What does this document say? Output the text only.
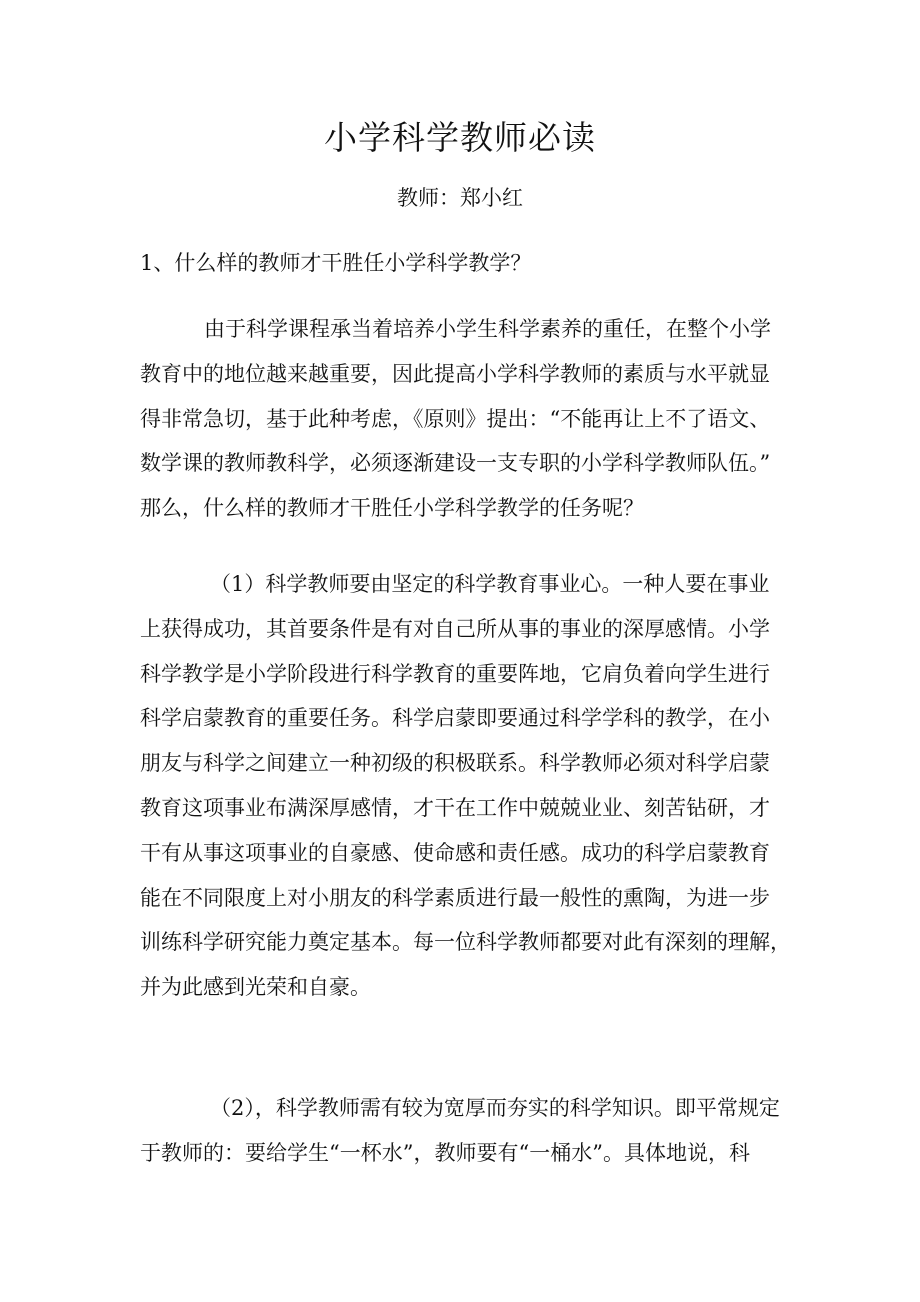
小学科学教师必读
教师：郑小红
1、什么样的教师才干胜任小学科学教学？
由于科学课程承当着培养小学生科学素养的重任，在整个小学
教育中的地位越来越重要，因此提高小学科学教师的素质与水平就显
得非常急切，基于此种考虑，《原则》提出：“不能再让上不了语文、
数学课的教师教科学，必须逐渐建设一支专职的小学科学教师队伍。”
那么，什么样的教师才干胜任小学科学教学的任务呢？
（1）科学教师要由坚定的科学教育事业心。一种人要在事业
上获得成功，其首要条件是有对自己所从事的事业的深厚感情。小学
科学教学是小学阶段进行科学教育的重要阵地，它肩负着向学生进行
科学启蒙教育的重要任务。科学启蒙即要通过科学学科的教学，在小
朋友与科学之间建立一种初级的积极联系。科学教师必须对科学启蒙
教育这项事业布满深厚感情，才干在工作中兢兢业业、刻苦钻研，才
干有从事这项事业的自豪感、使命感和责任感。成功的科学启蒙教育
能在不同限度上对小朋友的科学素质进行最一般性的熏陶，为进一步
训练科学研究能力奠定基本。每一位科学教师都要对此有深刻的理解，
并为此感到光荣和自豪。
（2），科学教师需有较为宽厚而夯实的科学知识。即平常规定
于教师的：要给学生“一杯水”，教师要有“一桶水”。具体地说，科
